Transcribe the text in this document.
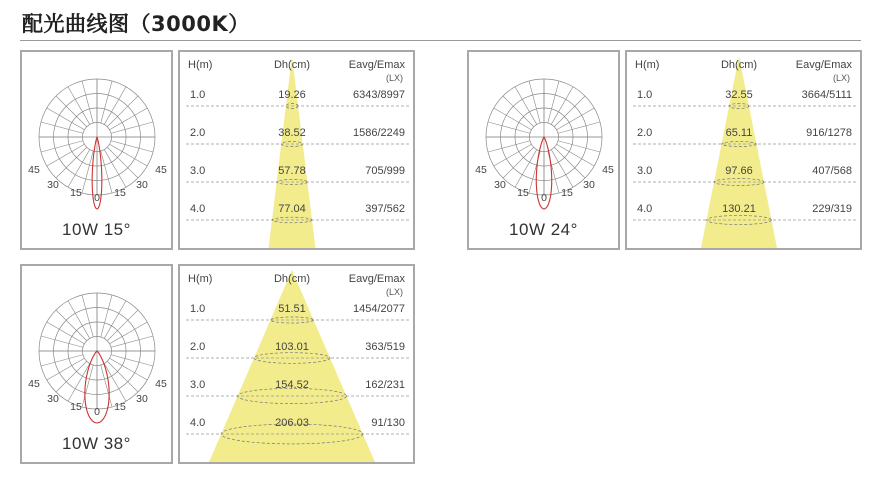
配光曲线图（3000K）
45
30
15 0 15
30
45
10W 15°
H(m)	Dh(cm)	Eavg/Emax
(LX)
1.0	19.26	6343/8997
2.0	38.52	1586/2249
3.0	57.78	705/999
4.0	77.04	397/562
45
30
15 0 15
30
45
10W 24°
H(m)	Dh(cm)	Eavg/Emax
(LX)
1.0	32.55	3664/5111
2.0	65.11	916/1278
3.0	97.66	407/568
4.0	130.21	229/319
45
30
15 0 15
30
45
10W 38°
H(m)	Dh(cm)	Eavg/Emax
(LX)
1.0	51.51	1454/2077
2.0	103.01	363/519
3.0	154.52	162/231
4.0	206.03	91/130
